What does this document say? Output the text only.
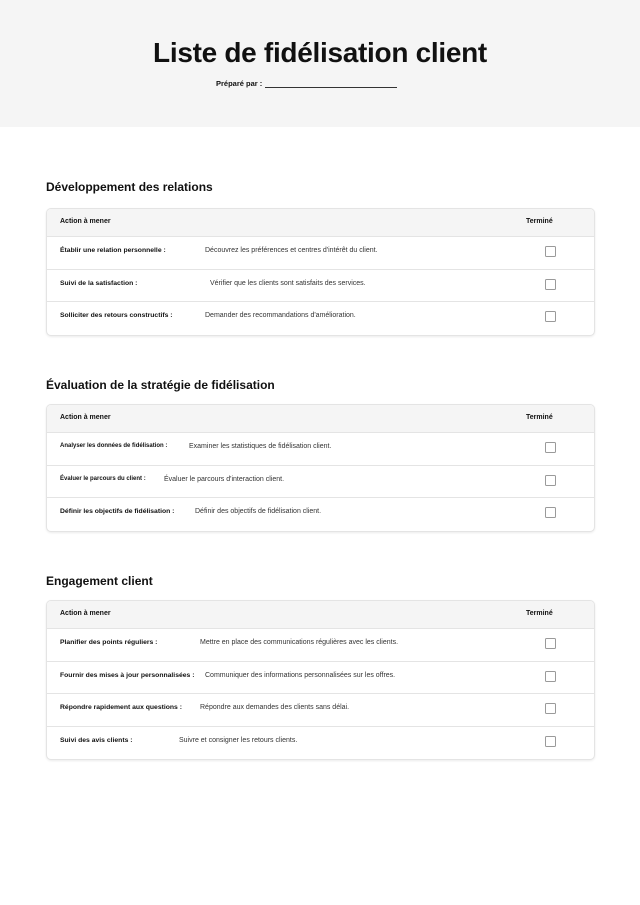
Liste de fidélisation client
Préparé par :
Développement des relations
Action à mener	Terminé
Établir une relation personnelle :	Découvrez les préférences et centres d'intérêt du client.
Suivi de la satisfaction :	Vérifier que les clients sont satisfaits des services.
Solliciter des retours constructifs :	Demander des recommandations d'amélioration.
Évaluation de la stratégie de fidélisation
Action à mener	Terminé
Analyser les données de fidélisation :	Examiner les statistiques de fidélisation client.
Évaluer le parcours du client :	Évaluer le parcours d'interaction client.
Définir les objectifs de fidélisation :	Définir des objectifs de fidélisation client.
Engagement client
Action à mener	Terminé
Planifier des points réguliers :	Mettre en place des communications régulières avec les clients.
Fournir des mises à jour personnalisées : Communiquer des informations personnalisées sur les offres.
Répondre rapidement aux questions :	Répondre aux demandes des clients sans délai.
Suivi des avis clients :	Suivre et consigner les retours clients.
